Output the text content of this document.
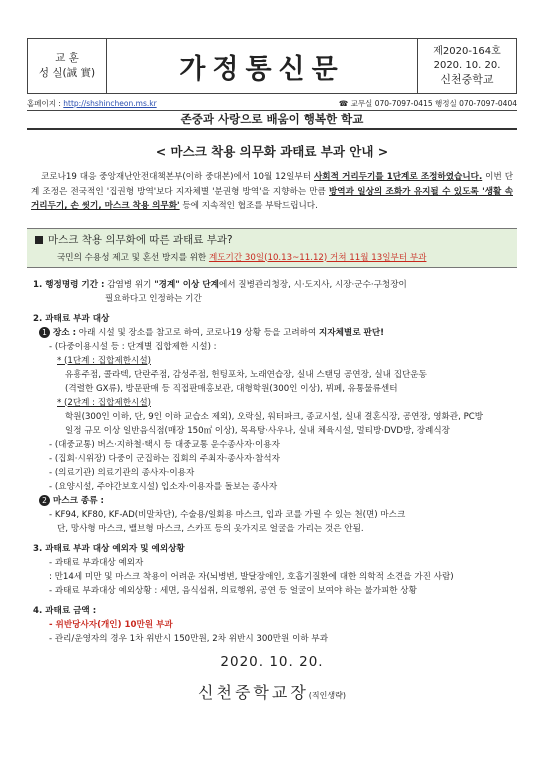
교 훈
성 실(誠 實)	가정통신문
제2020-164호
2020. 10. 20.
신천중학교
홈페이지 : http://shshincheon.ms.kr	☎ 교무실 070-7097-0415 행정실 070-7097-0404
존중과 사랑으로 배움이 행복한 학교
< 마스크 착용 의무화 과태료 부과 안내 >
코로나19 대응 중앙재난안전대책본부(이하 중대본)에서 10월 12일부터 사회적 거리두기를 1단계로 조정하였습니다. 이번 단계 조정은 전국적인 '집권형 방역'보다 지자체별 '분권형 방역'을 지향하는 만큼 방역과 일상의 조화가 유지될 수 있도록 '생활 속 거리두기, 손 씻기, 마스크 착용 의무화' 등에 지속적인 협조를 부탁드립니다.
마스크 착용 의무화에 따른 과태료 부과?
국민의 수용성 제고 및 혼선 방지를 위한 계도기간 30일(10.13~11.12) 거쳐 11월 13일부터 부과
1. 행정명령 기간 : 감염병 위기 "경계" 이상 단계에서 질병관리청장, 시·도지사, 시장·군수·구청장이
필요하다고 인정하는 기간
2. 과태료 부과 대상
1 장소 : 아래 시설 및 장소를 참고로 하여, 코로나19 상황 등을 고려하여 지자체별로 판단!
- (다중이용시설 등 : 단계별 집합제한 시설) :
* (1단계 : 집합제한시설)
유흥주점, 콜라텍, 단란주점, 감성주점, 헌팅포차, 노래연습장, 실내 스탠딩 공연장, 실내 집단운동
(격렬한 GX류), 방문판매 등 직접판매홍보관, 대형학원(300인 이상), 뷔페, 유통물류센터
* (2단계 : 집합제한시설)
학원(300인 이하, 단, 9인 이하 교습소 제외), 오락실, 워터파크, 종교시설, 실내 결혼식장, 공연장, 영화관, PC방
일정 규모 이상 일반음식점(매장 150㎡ 이상), 목욕탕·사우나, 실내 체육시설, 멀티방·DVD방, 장례식장
- (대중교통) 버스·지하철·택시 등 대중교통 운수종사자·이용자
- (집회·시위장) 다중이 군집하는 집회의 주최자·종사자·참석자
- (의료기관) 의료기관의 종사자·이용자
- (요양시설, 주야간보호시설) 입소자·이용자를 돌보는 종사자
2 마스크 종류 :
- KF94, KF80, KF-AD(비말차단), 수술용/일회용 마스크, 입과 코를 가릴 수 있는 천(면) 마스크
단, 망사형 마스크, 밸브형 마스크, 스카프 등의 옷가지로 얼굴을 가리는 것은 안됨.
3. 과태료 부과 대상 예외자 및 예외상황
- 과태료 부과대상 예외자
: 만14세 미만 및 마스크 착용이 어려운 자(뇌병변, 발달장애인, 호흡기질환에 대한 의학적 소견을 가진 사람)
- 과태료 부과대상 예외상황 : 세면, 음식섭취, 의료행위, 공연 등 얼굴이 보여야 하는 불가피한 상황
4. 과태료 금액 :
- 위반당사자(개인) 10만원 부과
- 관리/운영자의 경우 1차 위반시 150만원, 2차 위반시 300만원 이하 부과
2020. 10. 20.
신천중학교장(직인생략)
